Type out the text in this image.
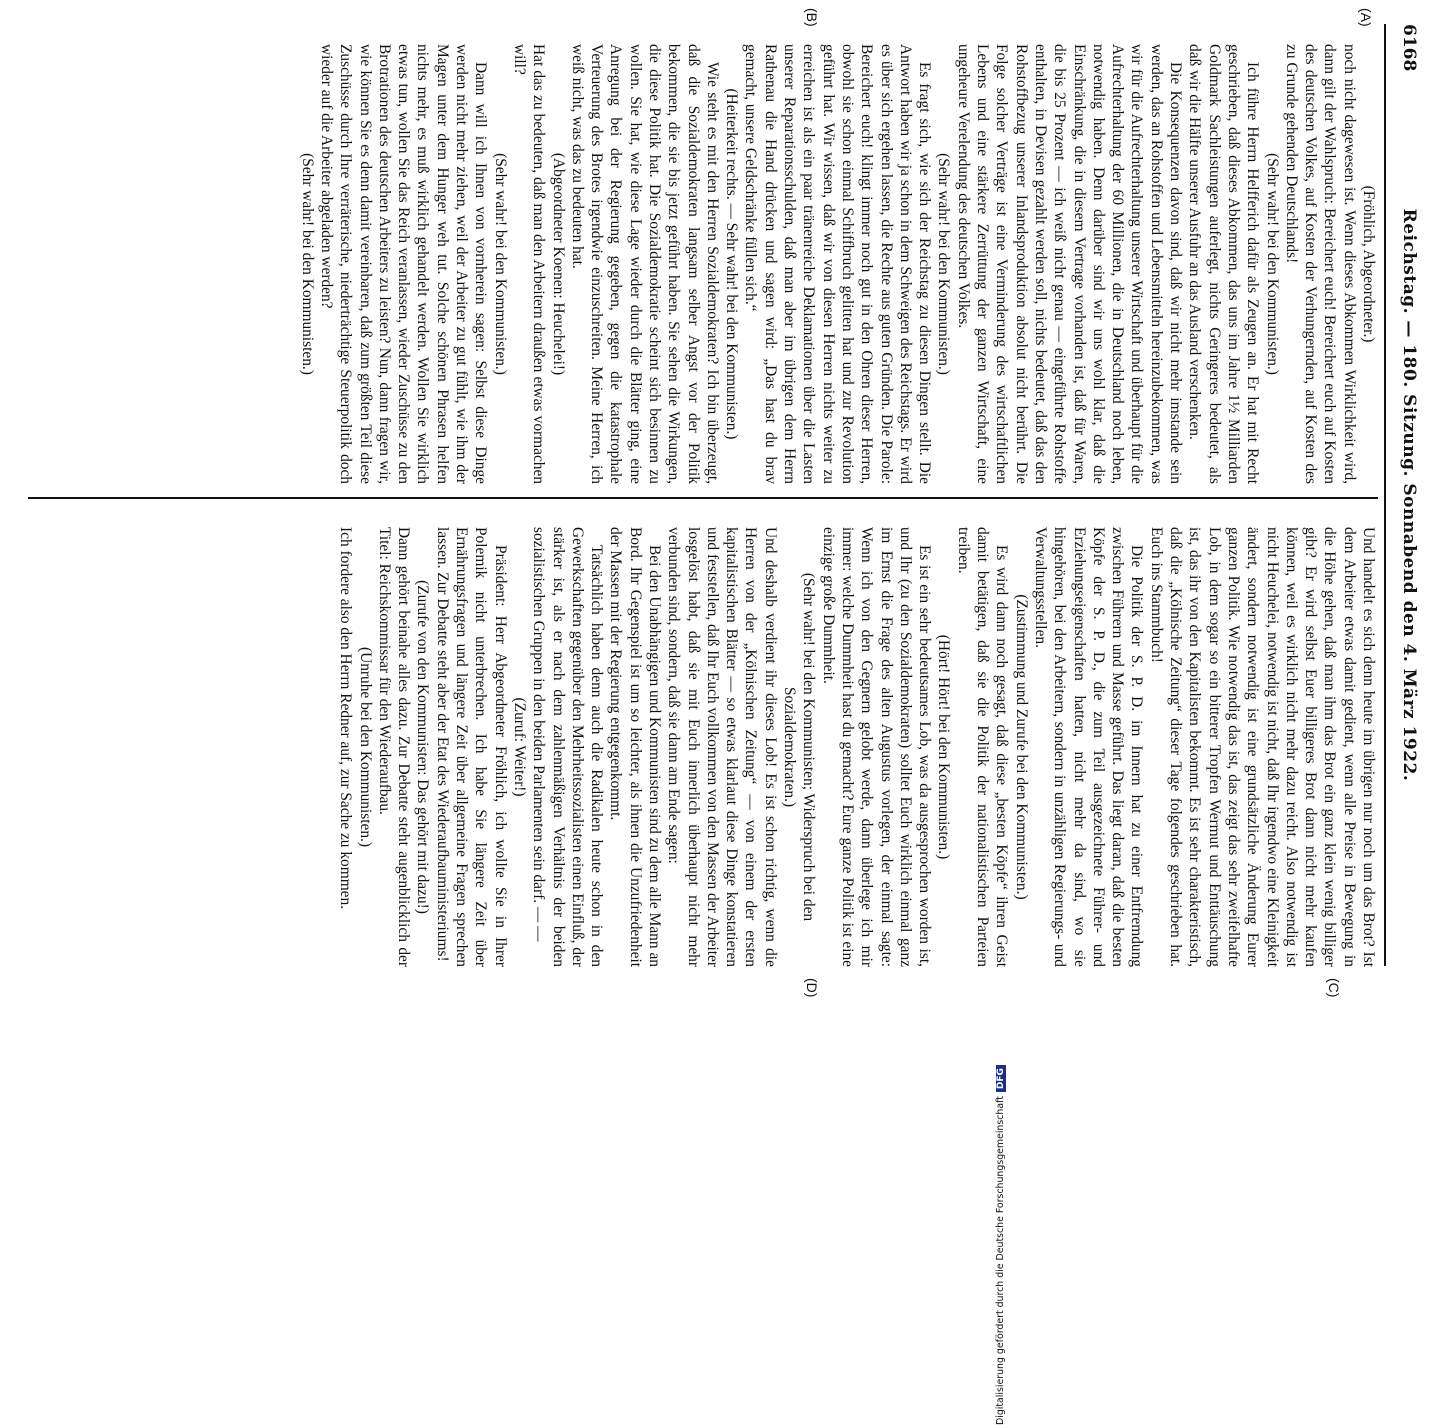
6168
Reichstag. — 180. Sitzung. Sonnabend den 4. März 1922.
(A)
(B)
(C)
(D)

(Fröhlich, Abgeordneter.)

noch nicht dagewesen ist. Wenn dieses Abkommen Wirklichkeit wird, dann gilt der Wahlspruch: Bereichert euch! Bereichert euch auf Kosten des deutschen Volkes, auf Kosten der Verhungernden, auf Kosten des zu Grunde gehenden Deutschlands!

(Sehr wahr! bei den Kommunisten.)

Ich führe Herrn Helfferich dafür als Zeugen an. Er hat mit Recht geschrieben, daß dieses Abkommen, das uns im Jahre 1½ Milliarden Goldmark Sachleistungen auferlegt, nichts Geringeres bedeutet, als daß wir die Hälfte unserer Ausfuhr an das Ausland verschenken.

Die Konsequenzen davon sind, daß wir nicht mehr imstande sein werden, das an Rohstoffen und Lebensmitteln hereinzubekommen, was wir für die Aufrechterhaltung unserer Wirtschaft und überhaupt für die Aufrechterhaltung der 60 Millionen, die in Deutschland noch leben, notwendig haben. Denn darüber sind wir uns wohl klar, daß die Einschränkung, die in diesem Vertrage vorhanden ist, daß für Waren, die bis 25 Prozent — ich weiß nicht genau — eingeführte Rohstoffe enthalten, in Devisen gezahlt werden soll, nichts bedeutet, daß das den Rohstoffbezug unserer Inlandsproduktion absolut nicht berührt. Die Folge solcher Verträge ist eine Verminderung des wirtschaftlichen Lebens und eine stärkere Zerrüttung der ganzen Wirtschaft, eine ungeheure Verelendung des deutschen Volkes.

(Sehr wahr! bei den Kommunisten.)

Es fragt sich, wie sich der Reichstag zu diesen Dingen stellt. Die Antwort haben wir ja schon in dem Schweigen des Reichstags. Er wird es über sich ergehen lassen, die Rechte aus guten Gründen. Die Parole: Bereichert euch! klingt immer noch gut in den Ohren dieser Herren, obwohl sie schon einmal Schiffbruch gelitten hat und zur Revolution geführt hat. Wir wissen, daß wir von diesen Herren nichts weiter zu erreichen ist als ein paar tränenreiche Deklamationen über die Lasten unserer Reparationsschulden, daß man aber im übrigen dem Herrn Rathenau die Hand drücken und sagen wird: „Das hast du brav gemacht, unsere Geldschränke füllen sich.“

(Heiterkeit rechts. — Sehr wahr! bei den Kommunisten.)

Wie steht es mit den Herren Sozialdemokraten? Ich bin überzeugt, daß die Sozialdemokraten langsam selber Angst vor der Politik bekommen, die sie bis jetzt geführt haben. Sie sehen die Wirkungen, die diese Politik hat. Die Sozialdemokratie scheint sich besinnen zu wollen. Sie hat, wie diese Lage wieder durch die Blätter ging, eine Anregung bei der Regierung gegeben, gegen die katastrophale Verteuerung des Brotes irgendwie einzuschreiten. Meine Herren, ich weiß nicht, was das zu bedeuten hat.

(Abgeordneter Koenen: Heuchelei!)

Hat das zu bedeuten, daß man den Arbeitern draußen etwas vormachen will?

(Sehr wahr! bei den Kommunisten.)

Dann will ich Ihnen von vornherein sagen: Selbst diese Dinge werden nicht mehr ziehen, weil der Arbeiter zu gut fühlt, wie ihm der Magen unter dem Hunger weh tut. Solche schönen Phrasen helfen nichts mehr, es muß wirklich gehandelt werden. Wollen Sie wirklich etwas tun, wollen Sie das Reich veranlassen, wieder Zuschüsse zu den Brotrationen des deutschen Arbeiters zu leisten? Nun, dann fragen wir, wie können Sie es denn damit vereinbaren, daß zum größten Teil diese Zuschüsse durch Ihre verräterische, niederträchtige Steuerpolitik doch wieder auf die Arbeiter abgeladen werden?

(Sehr wahr! bei den Kommunisten.)

Und handelt es sich denn heute im übrigen nur noch um das Brot? Ist dem Arbeiter etwas damit gedient, wenn alle Preise in Bewegung in die Höhe gehen, daß man ihm das Brot ein ganz klein wenig billiger gibt? Er wird selbst Euer billigeres Brot dann nicht mehr kaufen können, weil es wirklich nicht mehr dazu reicht. Also notwendig ist nicht Heuchelei, notwendig ist nicht, daß Ihr irgendwo eine Kleinigkeit ändert, sondern notwendig ist eine grundsätzliche Änderung Eurer ganzen Politik. Wie notwendig das ist, das zeigt das sehr zweifelhafte Lob, in dem sogar so ein bitterer Tropfen Wermut und Enttäuschung ist, das ihr von den Kapitalisten bekommt. Es ist sehr charakteristisch, daß die „Kölnische Zeitung“ dieser Tage folgendes geschrieben hat. Euch ins Stammbuch!

Die Politik der S. P. D. im Innern hat zu einer Entfremdung zwischen Führern und Masse geführt. Das liegt daran, daß die besten Köpfe der S. P. D., die zum Teil ausgezeichnete Führer- und Erziehungseigenschaften hatten, nicht mehr da sind, wo sie hingehören, bei den Arbeitern, sondern in unzähligen Regierungs- und Verwaltungsstellen.

(Zustimmung und Zurufe bei den Kommunisten.)

Es wird dann noch gesagt, daß diese „besten Köpfe“ ihren Geist damit betätigen, daß sie die Politik der nationalistischen Parteien treiben.

(Hört! Hört! bei den Kommunisten.)

Es ist ein sehr bedeutsames Lob, was da ausgesprochen worden ist, und Ihr (zu den Sozialdemokraten) solltet Euch wirklich einmal ganz im Ernst die Frage des alten Augustus vorlegen, der einmal sagte: Wenn ich von den Gegnern gelobt werde, dann überlege ich mir immer: welche Dummheit hast du gemacht? Eure ganze Politik ist eine einzige große Dummheit.

(Sehr wahr! bei den Kommunisten; Widerspruch bei den Sozialdemokraten.)

Und deshalb verdient ihr dieses Lob! Es ist schon richtig, wenn die Herren von der „Kölnischen Zeitung“ — von einem der ersten kapitalistischen Blätter — so etwas klarlaut diese Dinge konstatieren und feststellen, daß Ihr Euch vollkommen von den Massen der Arbeiter losgelöst habt, daß sie mit Euch innerlich überhaupt nicht mehr verbunden sind, sondern, daß sie dann am Ende sagen:

Bei den Unabhängigen und Kommunisten sind zu dem alle Mann an Bord. Ihr Gegenspiel ist um so leichter, als ihnen die Unzufriedenheit der Massen mit der Regierung entgegenkommt.

Tatsächlich haben denn auch die Radikalen heute schon in den Gewerkschaften gegenüber den Mehrheitssozialisten einen Einfluß, der stärker ist, als er nach dem zahlenmäßigen Verhältnis der beiden sozialistischen Gruppen in den beiden Parlamenten sein darf. — —

(Zuruf: Weiter!)

Präsident: Herr Abgeordneter Fröhlich, ich wollte Sie in Ihrer Polemik nicht unterbrechen. Ich habe Sie längere Zeit über Ernährungsfragen und längere Zeit über allgemeine Fragen sprechen lassen. Zur Debatte steht aber der Etat des Wiederaufbauministeriums!

(Zurufe von den Kommunisten: Das gehört mit dazu!)

Dann gehört beinahe alles dazu. Zur Debatte steht augenblicklich der Titel: Reichskommissar für den Wiederaufbau.

(Unruhe bei den Kommunisten.)

Ich fordere also den Herrn Redner auf, zur Sache zu kommen.

Digitalisierung gefördert durch die Deutsche ForschungsgemeinschaftDFG
